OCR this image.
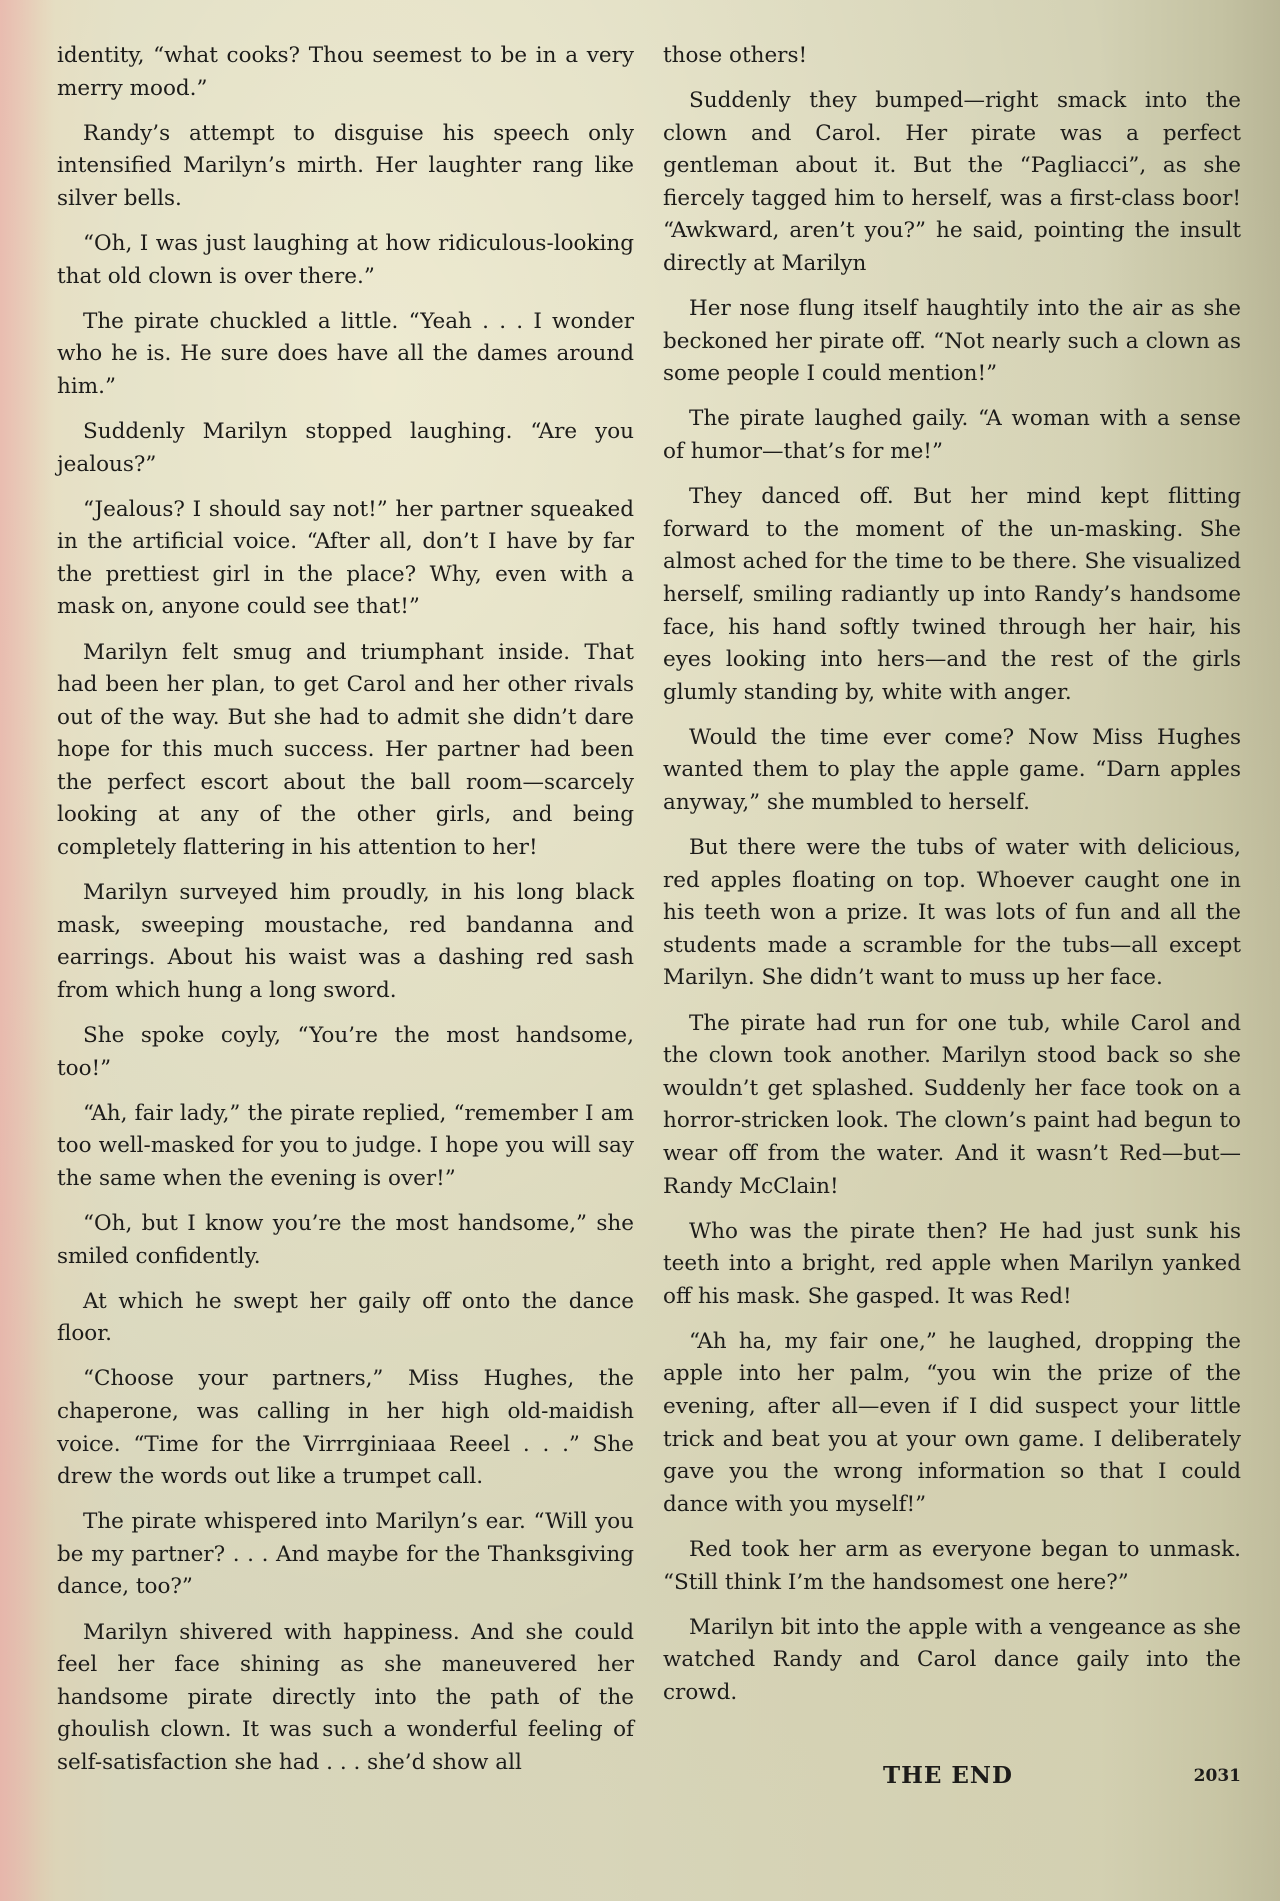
identity, “what cooks? Thou seemest to be in a very merry mood.”

Randy’s attempt to disguise his speech only intensified Marilyn’s mirth. Her laughter rang like silver bells.

“Oh, I was just laughing at how ridiculous-looking that old clown is over there.”

The pirate chuckled a little. “Yeah . . . I wonder who he is. He sure does have all the dames around him.”

Suddenly Marilyn stopped laughing. “Are you jealous?”

“Jealous? I should say not!” her partner squeaked in the artificial voice. “After all, don’t I have by far the prettiest girl in the place? Why, even with a mask on, anyone could see that!”

Marilyn felt smug and triumphant inside. That had been her plan, to get Carol and her other rivals out of the way. But she had to admit she didn’t dare hope for this much success. Her partner had been the perfect escort about the ball room—scarcely looking at any of the other girls, and being completely flattering in his attention to her!

Marilyn surveyed him proudly, in his long black mask, sweeping moustache, red bandanna and earrings. About his waist was a dashing red sash from which hung a long sword.

She spoke coyly, “You’re the most handsome, too!”

“Ah, fair lady,” the pirate replied, “remember I am too well-masked for you to judge. I hope you will say the same when the evening is over!”

“Oh, but I know you’re the most handsome,” she smiled confidently.

At which he swept her gaily off onto the dance floor.

“Choose your partners,” Miss Hughes, the chaperone, was calling in her high old-maidish voice. “Time for the Virrrginiaaa Reeel . . .” She drew the words out like a trumpet call.

The pirate whispered into Marilyn’s ear. “Will you be my partner? . . . And maybe for the Thanksgiving dance, too?”

Marilyn shivered with happiness. And she could feel her face shining as she maneuvered her handsome pirate directly into the path of the ghoulish clown. It was such a wonderful feeling of self-satisfaction she had . . . she’d show all

those others!

Suddenly they bumped—right smack into the clown and Carol. Her pirate was a perfect gentleman about it. But the “Pagliacci”, as she fiercely tagged him to herself, was a first-class boor! “Awkward, aren’t you?” he said, pointing the insult directly at Marilyn

Her nose flung itself haughtily into the air as she beckoned her pirate off. “Not nearly such a clown as some people I could mention!”

The pirate laughed gaily. “A woman with a sense of humor—that’s for me!”

They danced off. But her mind kept flitting forward to the moment of the un-masking. She almost ached for the time to be there. She visualized herself, smiling radiantly up into Randy’s handsome face, his hand softly twined through her hair, his eyes looking into hers—and the rest of the girls glumly standing by, white with anger.

Would the time ever come? Now Miss Hughes wanted them to play the apple game. “Darn apples anyway,” she mumbled to herself.

But there were the tubs of water with delicious, red apples floating on top. Whoever caught one in his teeth won a prize. It was lots of fun and all the students made a scramble for the tubs—all except Marilyn. She didn’t want to muss up her face.

The pirate had run for one tub, while Carol and the clown took another. Marilyn stood back so she wouldn’t get splashed. Suddenly her face took on a horror-stricken look. The clown’s paint had begun to wear off from the water. And it wasn’t Red—but—Randy McClain!

Who was the pirate then? He had just sunk his teeth into a bright, red apple when Marilyn yanked off his mask. She gasped. It was Red!

“Ah ha, my fair one,” he laughed, dropping the apple into her palm, “you win the prize of the evening, after all—even if I did suspect your little trick and beat you at your own game. I deliberately gave you the wrong information so that I could dance with you myself!”

Red took her arm as everyone began to unmask. “Still think I’m the handsomest one here?”

Marilyn bit into the apple with a vengeance as she watched Randy and Carol dance gaily into the crowd.

THE END	2031
